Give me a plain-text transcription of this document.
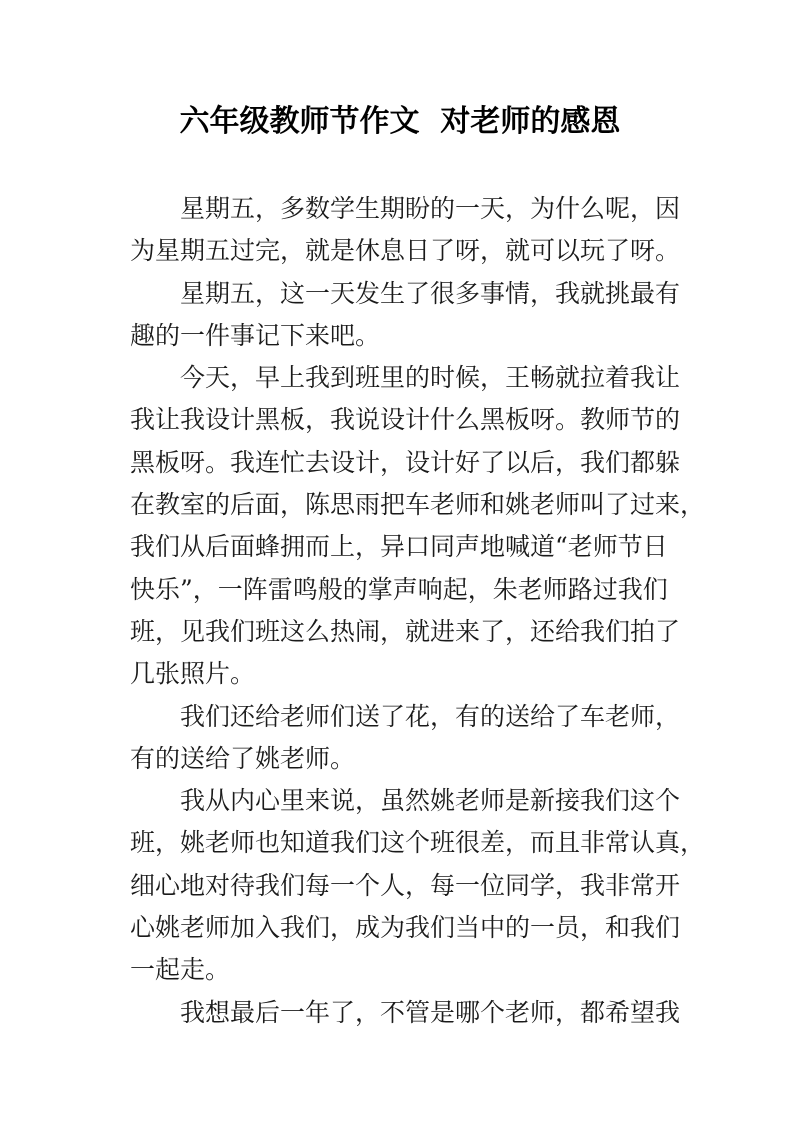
六年级教师节作文  对老师的感恩
星期五，多数学生期盼的一天，为什么呢，因
为星期五过完，就是休息日了呀，就可以玩了呀。
星期五，这一天发生了很多事情，我就挑最有
趣的一件事记下来吧。
今天，早上我到班里的时候，王畅就拉着我让
我让我设计黑板，我说设计什么黑板呀。教师节的
黑板呀。我连忙去设计，设计好了以后，我们都躲
在教室的后面，陈思雨把车老师和姚老师叫了过来，
我们从后面蜂拥而上，异口同声地喊道“老师节日
快乐”，一阵雷鸣般的掌声响起，朱老师路过我们
班，见我们班这么热闹，就进来了，还给我们拍了
几张照片。
我们还给老师们送了花，有的送给了车老师，
有的送给了姚老师。
我从内心里来说，虽然姚老师是新接我们这个
班，姚老师也知道我们这个班很差，而且非常认真，
细心地对待我们每一个人，每一位同学，我非常开
心姚老师加入我们，成为我们当中的一员，和我们
一起走。
我想最后一年了，不管是哪个老师，都希望我
